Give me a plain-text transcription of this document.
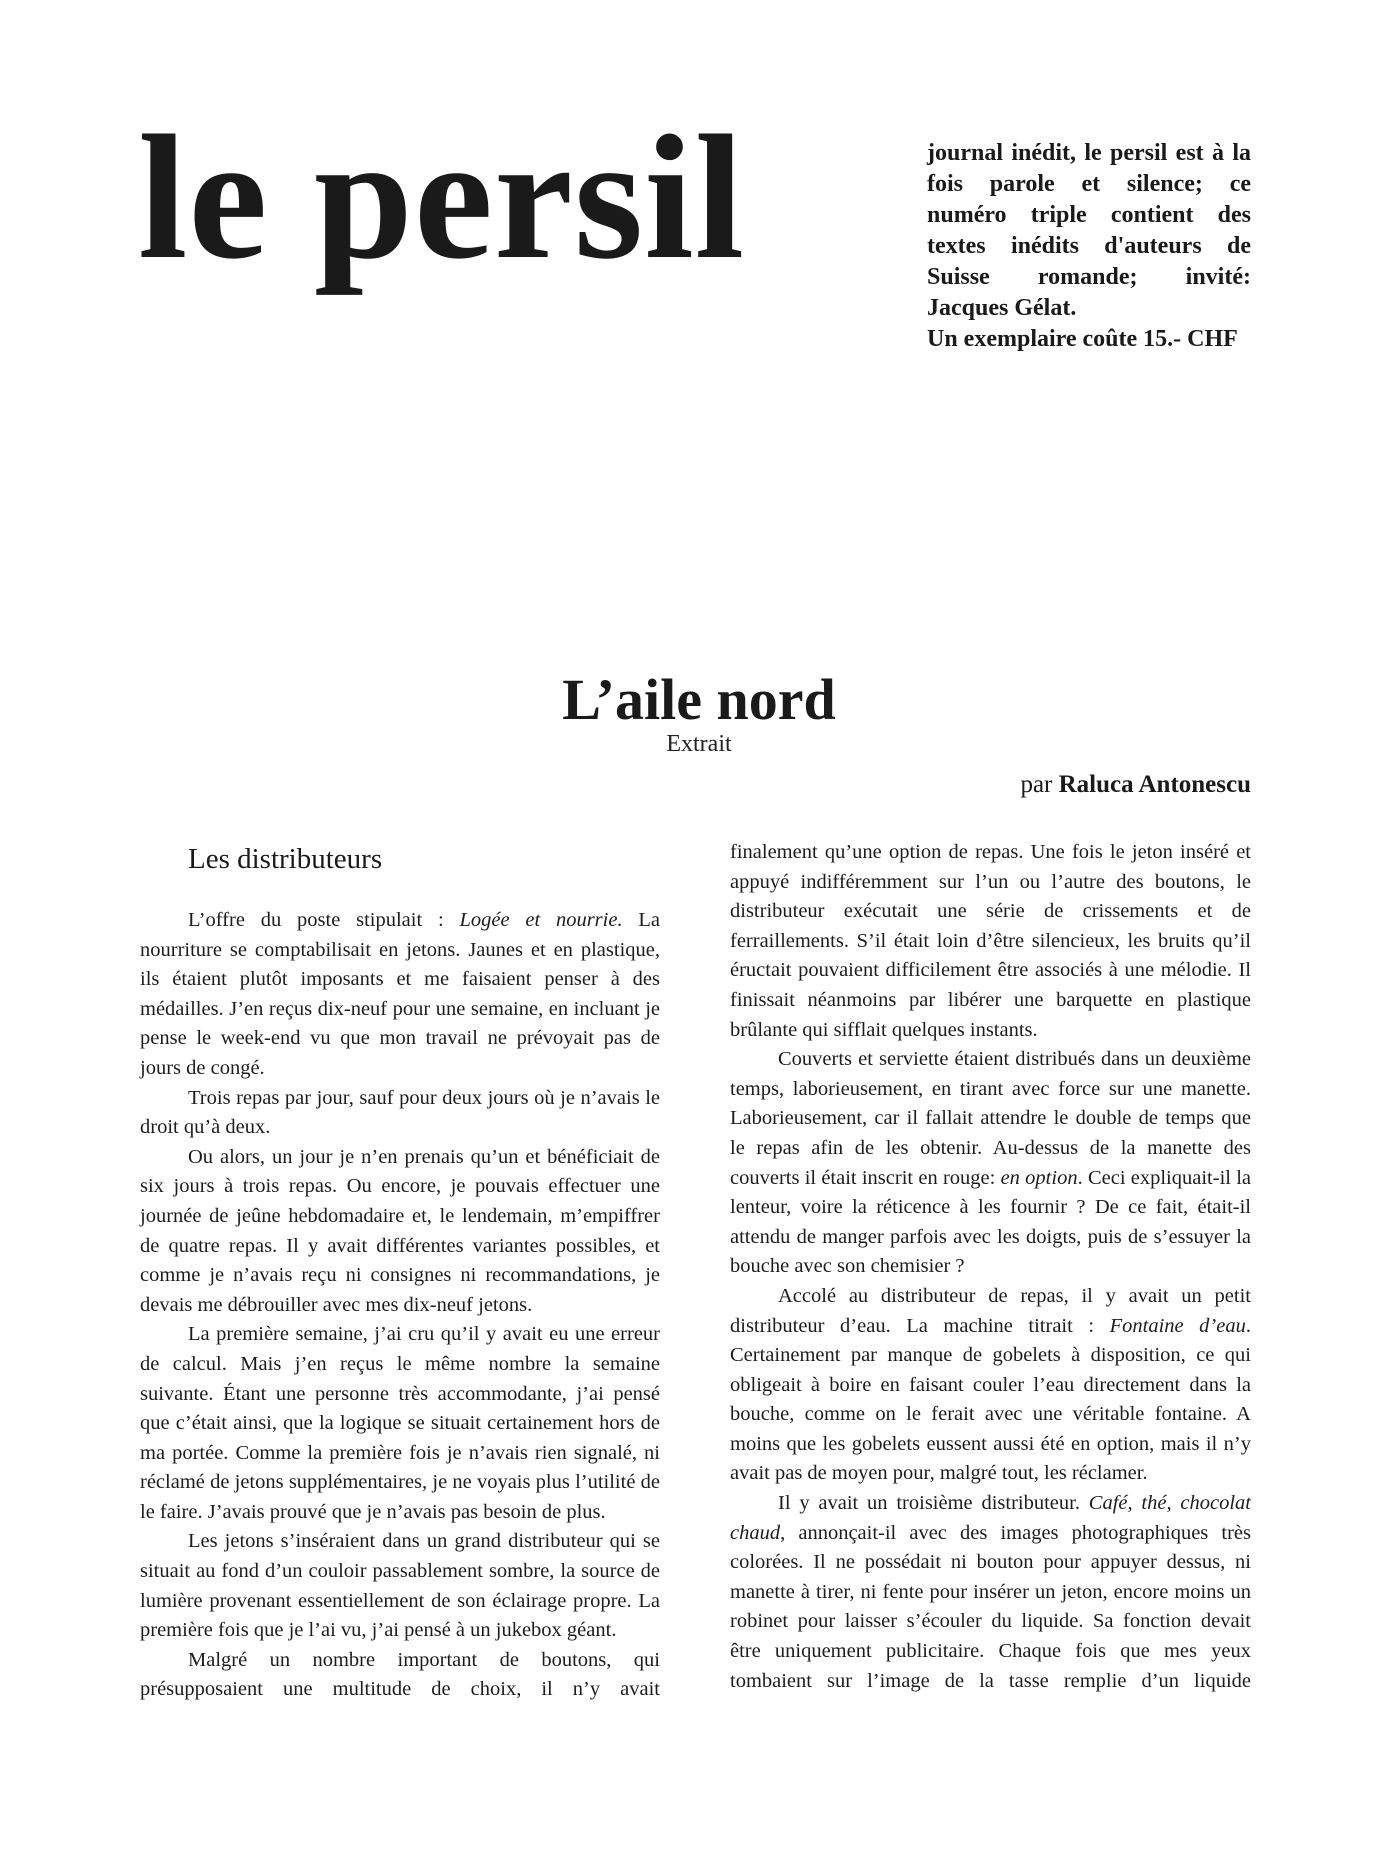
le persil	journal inédit, le persil est à la fois parole et silence; ce numéro triple contient des textes inédits d'auteurs de Suisse romande; invité: Jacques Gélat.
Un exemplaire coûte 15.- CHF
L’aile nord
Extrait
par Raluca Antonescu
Les distributeurs

L’offre du poste stipulait : Logée et nourrie. La nourriture se comptabilisait en jetons. Jaunes et en plastique, ils étaient plutôt imposants et me faisaient penser à des médailles. J’en reçus dix-neuf pour une semaine, en incluant je pense le week-end vu que mon travail ne prévoyait pas de jours de congé.

Trois repas par jour, sauf pour deux jours où je n’avais le droit qu’à deux.

Ou alors, un jour je n’en prenais qu’un et bénéficiait de six jours à trois repas. Ou encore, je pouvais effectuer une journée de jeûne hebdomadaire et, le lendemain, m’empiffrer de quatre repas. Il y avait différentes variantes possibles, et comme je n’avais reçu ni consignes ni recommandations, je devais me débrouiller avec mes dix-neuf jetons.

La première semaine, j’ai cru qu’il y avait eu une erreur de calcul. Mais j’en reçus le même nombre la semaine suivante. Étant une personne très accommodante, j’ai pensé que c’était ainsi, que la logique se situait certainement hors de ma portée. Comme la première fois je n’avais rien signalé, ni réclamé de jetons supplémentaires, je ne voyais plus l’utilité de le faire. J’avais prouvé que je n’avais pas besoin de plus.

Les jetons s’inséraient dans un grand distributeur qui se situait au fond d’un couloir passablement sombre, la source de lumière provenant essentiellement de son éclairage propre. La première fois que je l’ai vu, j’ai pensé à un jukebox géant.

Malgré un nombre important de boutons, qui présupposaient une multitude de choix, il n’y avait

finalement qu’une option de repas. Une fois le jeton inséré et appuyé indifféremment sur l’un ou l’autre des boutons, le distributeur exécutait une série de crissements et de ferraillements. S’il était loin d’être silencieux, les bruits qu’il éructait pouvaient difficilement être associés à une mélodie. Il finissait néanmoins par libérer une barquette en plastique brûlante qui sifflait quelques instants.

Couverts et serviette étaient distribués dans un deuxième temps, laborieusement, en tirant avec force sur une manette. Laborieusement, car il fallait attendre le double de temps que le repas afin de les obtenir. Au-dessus de la manette des couverts il était inscrit en rouge: en option. Ceci expliquait-il la lenteur, voire la réticence à les fournir ? De ce fait, était-il attendu de manger parfois avec les doigts, puis de s’essuyer la bouche avec son chemisier ?

Accolé au distributeur de repas, il y avait un petit distributeur d’eau. La machine titrait : Fontaine d’eau. Certainement par manque de gobelets à disposition, ce qui obligeait à boire en faisant couler l’eau directement dans la bouche, comme on le ferait avec une véritable fontaine. A moins que les gobelets eussent aussi été en option, mais il n’y avait pas de moyen pour, malgré tout, les réclamer.

Il y avait un troisième distributeur. Café, thé, chocolat chaud, annonçait-il avec des images photographiques très colorées. Il ne possédait ni bouton pour appuyer dessus, ni manette à tirer, ni fente pour insérer un jeton, encore moins un robinet pour laisser s’écouler du liquide. Sa fonction devait être uniquement publicitaire. Chaque fois que mes yeux tombaient sur l’image de la tasse remplie d’un liquide
